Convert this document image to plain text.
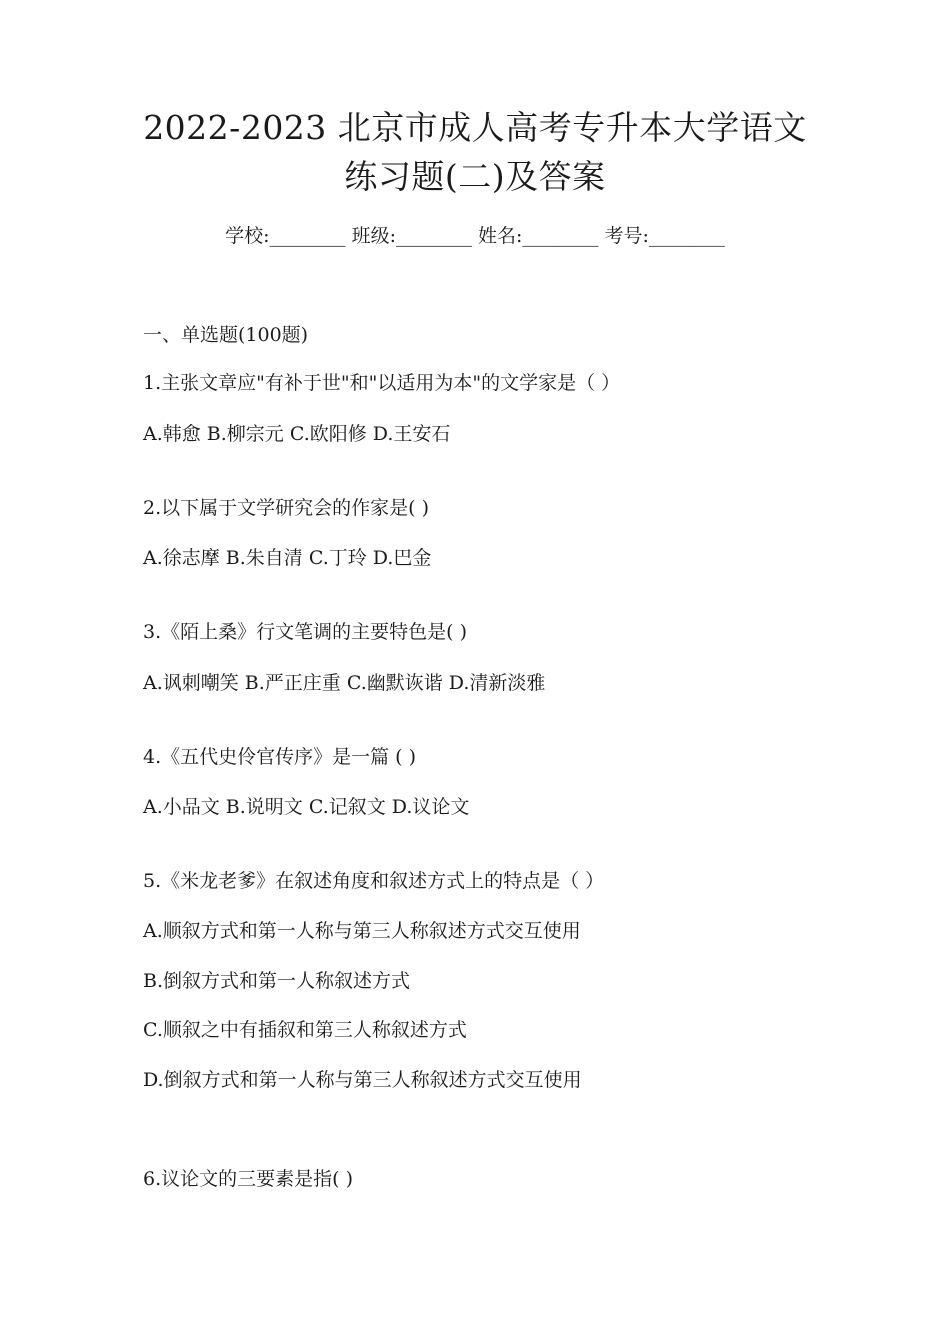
2022-2023 北京市成人高考专升本大学语文
练习题(二)及答案
学校:________ 班级:________ 姓名:________ 考号:________
一、单选题(100题)
1.主张文章应"有补于世"和"以适用为本"的文学家是（ ）
A.韩愈 B.柳宗元 C.欧阳修 D.王安石
2.以下属于文学研究会的作家是( )
A.徐志摩 B.朱自清 C.丁玲 D.巴金
3.《陌上桑》行文笔调的主要特色是( )
A.讽刺嘲笑 B.严正庄重 C.幽默诙谐 D.清新淡雅
4.《五代史伶官传序》是一篇 ( )
A.小品文 B.说明文 C.记叙文 D.议论文
5.《米龙老爹》在叙述角度和叙述方式上的特点是（ ）
A.顺叙方式和第一人称与第三人称叙述方式交互使用
B.倒叙方式和第一人称叙述方式
C.顺叙之中有插叙和第三人称叙述方式
D.倒叙方式和第一人称与第三人称叙述方式交互使用
6.议论文的三要素是指( )
